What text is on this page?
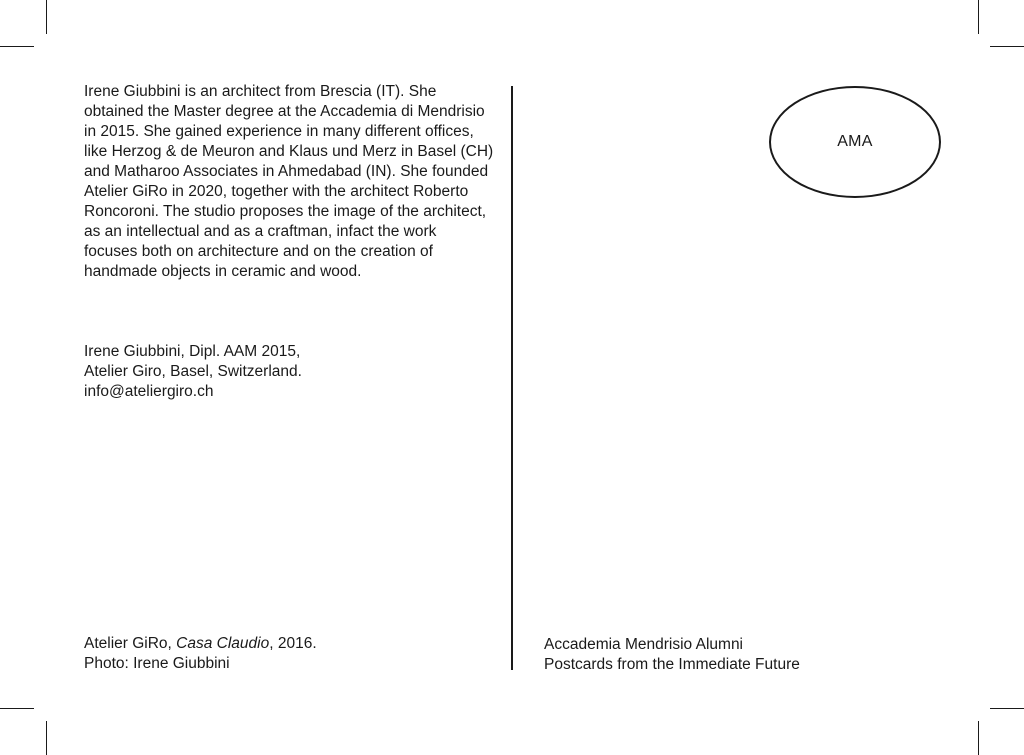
Irene Giubbini is an architect from Brescia (IT). She obtained the Master degree at the Accademia di Mendrisio in 2015. She gained experience in many different offices, like Herzog & de Meuron and Klaus und Merz in Basel (CH) and Matharoo Associates in Ahmedabad (IN). She founded Atelier GiRo in 2020, together with the architect Roberto Roncoroni. The studio proposes the image of the architect, as an intellectual and as a craftman, infact the work focuses both on architecture and on the creation of handmade objects in ceramic and wood.

Irene Giubbini, Dipl. AAM 2015,
Atelier Giro, Basel, Switzerland.
info@ateliergiro.ch
Atelier GiRo, Casa Claudio, 2016.
Photo: Irene Giubbini
AMA
Accademia Mendrisio Alumni
Postcards from the Immediate Future
